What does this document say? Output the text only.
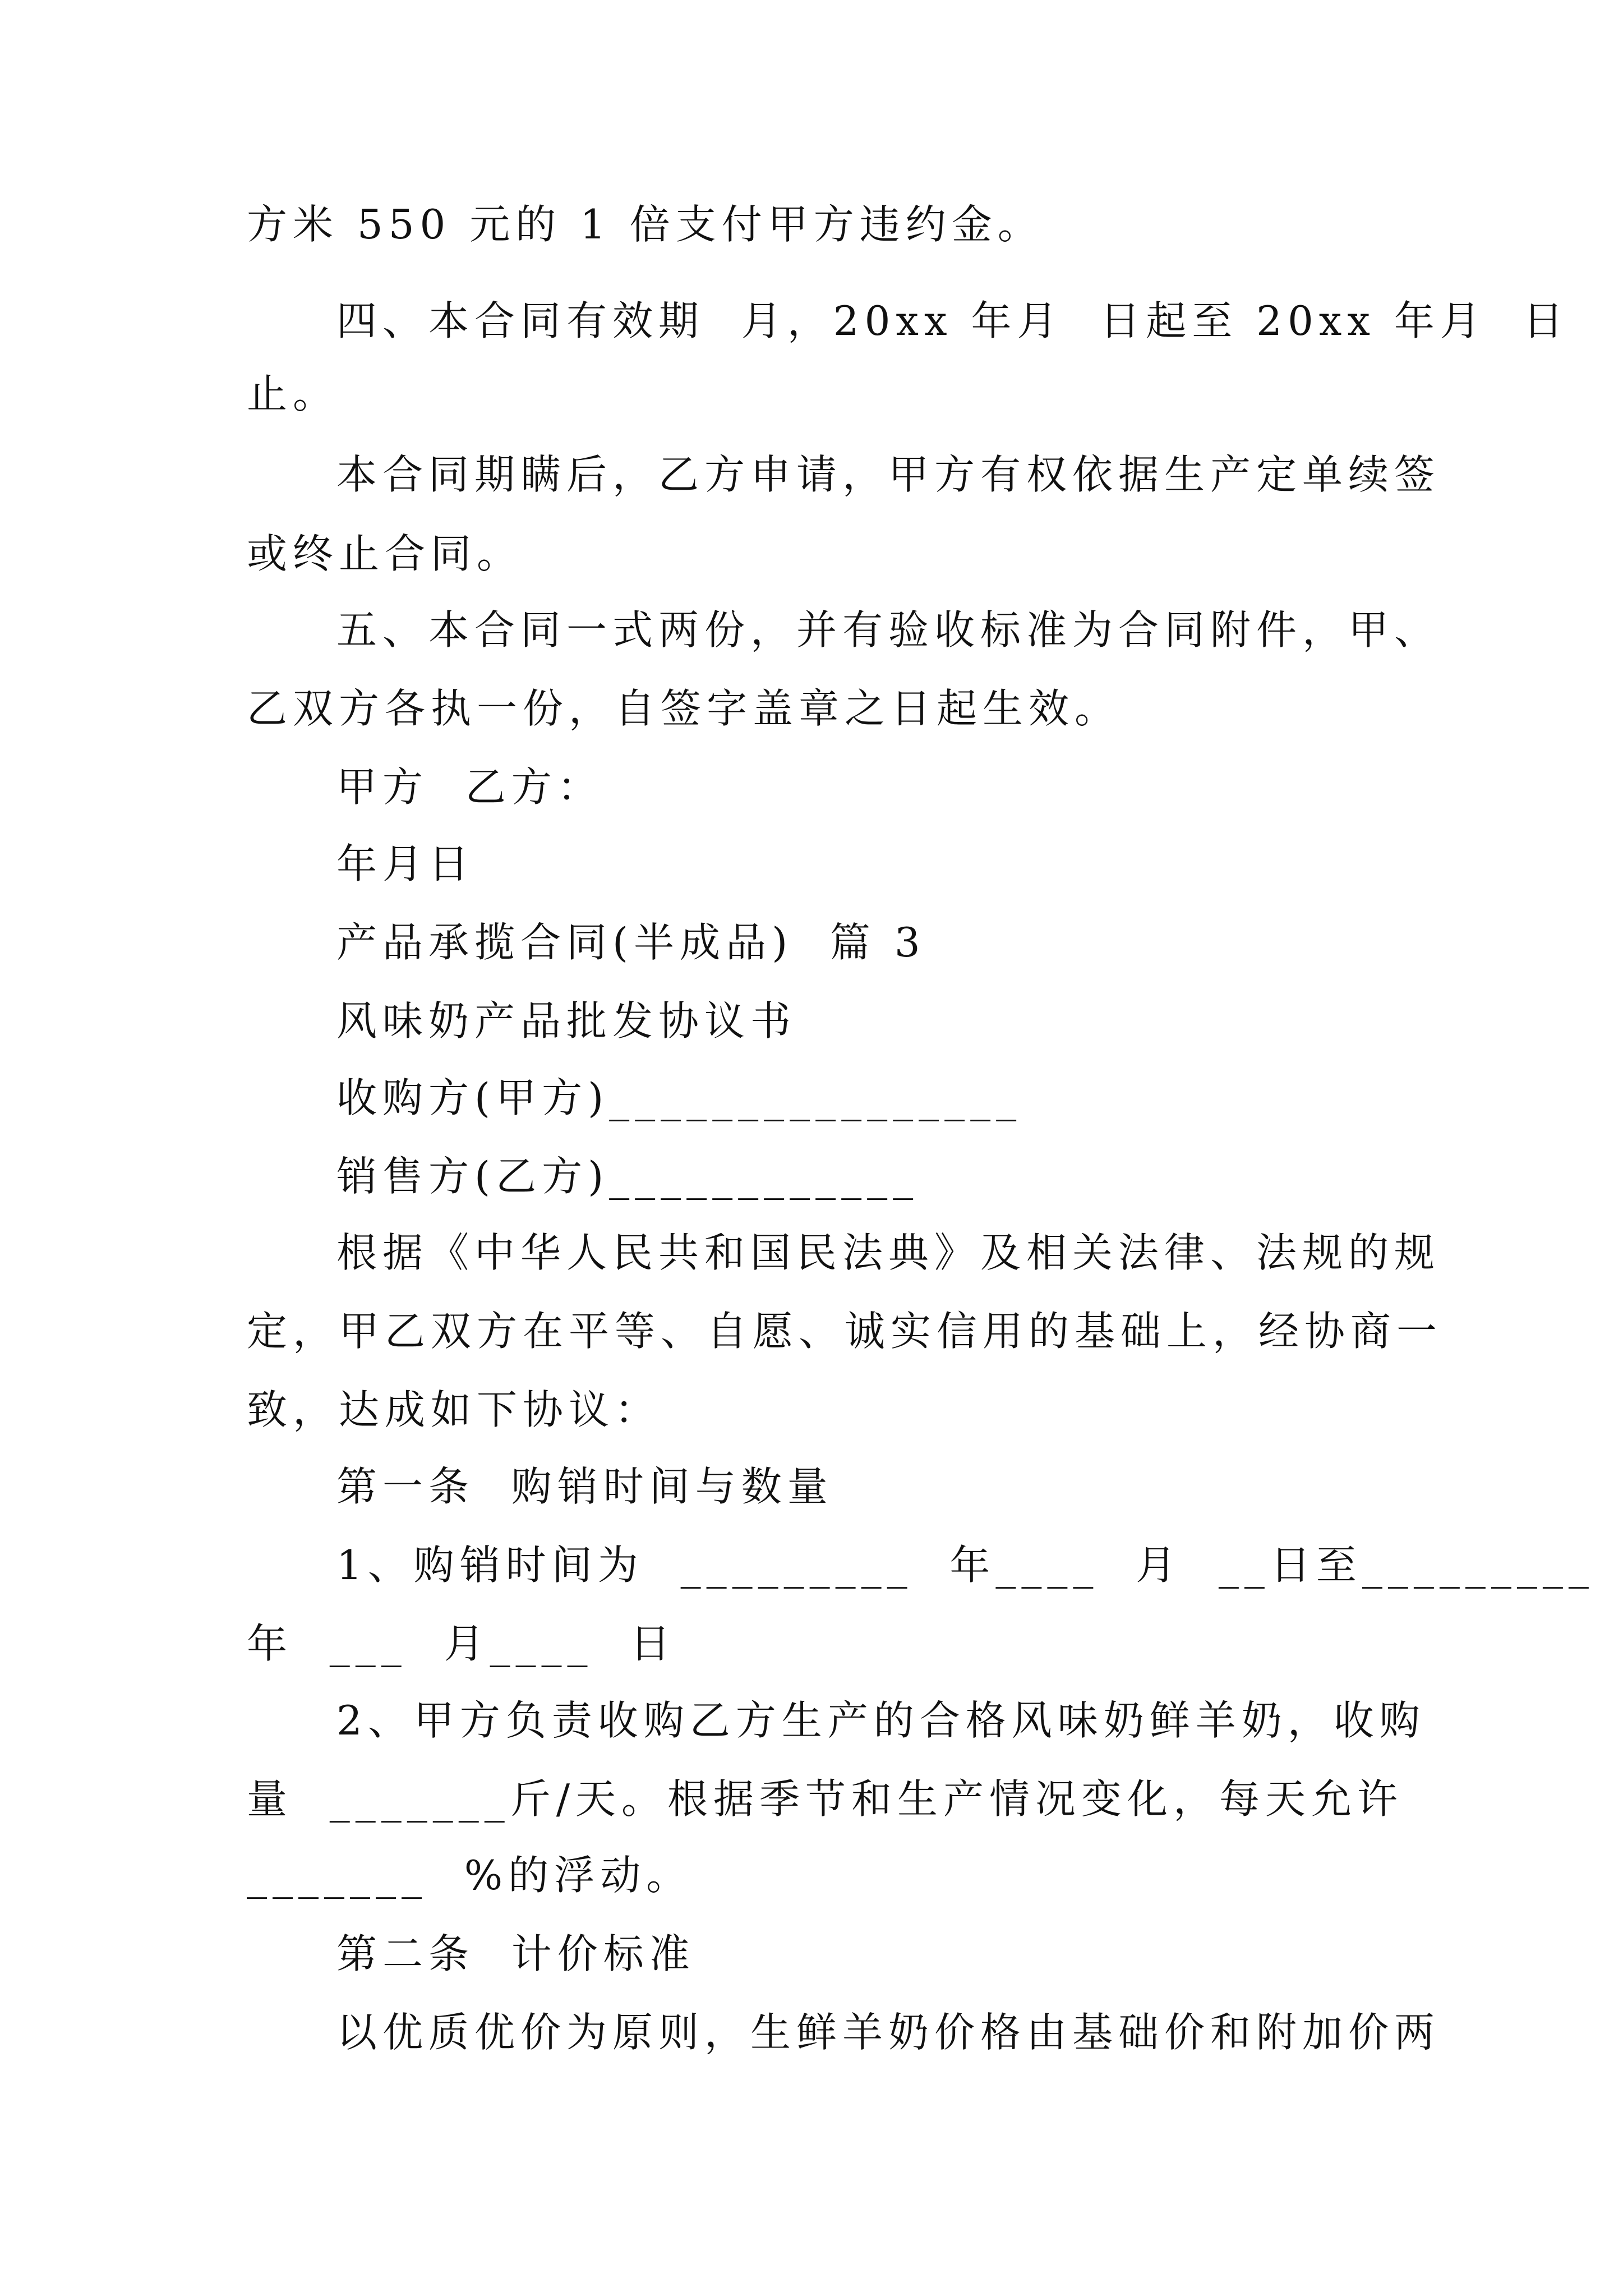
方米 550 元的 1 倍支付甲方违约金。
四、本合同有效期  月，20xx 年月  日起至 20xx 年月  日
止。
本合同期瞒后，乙方申请，甲方有权依据生产定单续签
或终止合同。
五、本合同一式两份，并有验收标准为合同附件，甲、
乙双方各执一份，自签字盖章之日起生效。
甲方  乙方：
年月日
产品承揽合同(半成品)  篇 3
风味奶产品批发协议书
收购方(甲方)________________
销售方(乙方)____________
根据《中华人民共和国民法典》及相关法律、法规的规
定，甲乙双方在平等、自愿、诚实信用的基础上，经协商一
致，达成如下协议：
第一条  购销时间与数量
1、购销时间为  _________  年____  月  __日至_________
年  ___  月____  日
2、甲方负责收购乙方生产的合格风味奶鲜羊奶，收购
量  _______斤/天。根据季节和生产情况变化，每天允许
_______  %的浮动。
第二条  计价标准
以优质优价为原则，生鲜羊奶价格由基础价和附加价两
